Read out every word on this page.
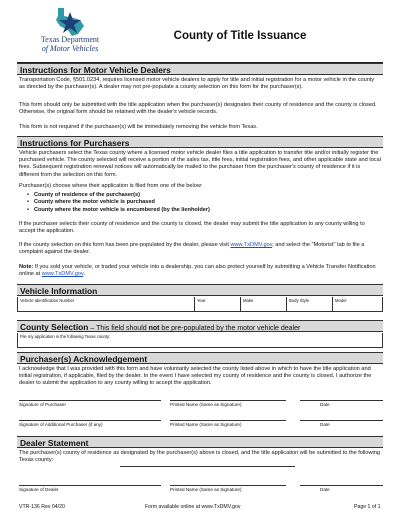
Texas Department
of Motor Vehicles
County of Title Issuance
Instructions for Motor Vehicle Dealers
Transportation Code, §501.0234, requires licensed motor vehicle dealers to apply for title and initial registration for a motor vehicle in the county as directed by the purchaser(s). A dealer may not pre-populate a county selection on this form for the purchaser(s).
This form should only be submitted with the title application when the purchaser(s) designates their county of residence and the county is closed. Otherwise, the original form should be retained with the dealer's vehicle records.
This form is not required if the purchaser(s) will be immediately removing the vehicle from Texas.
Instructions for Purchasers
Vehicle purchasers select the Texas county where a licensed motor vehicle dealer files a title application to transfer title and/or initially register the purchased vehicle. The county selected will receive a portion of the sales tax, title fees, initial registration fees, and other applicable state and local fees. Subsequent registration renewal notices will automatically be mailed to the purchaser from the purchaser's county of residence if it is different from the selection on this form.
Purchaser(s) choose where their application is filed from one of the below:
• County of residence of the purchaser(s)
• County where the motor vehicle is purchased
• County where the motor vehicle is encumbered (by the lienholder)
If the purchaser selects their county of residence and the county is closed, the dealer may submit the title application to any county willing to accept the application.
If the county selection on this form has been pre-populated by the dealer, please visit www.TxDMV.gov, and select the "Motorist" tab to file a complaint against the dealer.
Note: If you sold your vehicle, or traded your vehicle into a dealership, you can also protect yourself by submitting a Vehicle Transfer Notification online at www.TxDMV.gov.
Vehicle Information
Vehicle Identification Number	Year	Make	Body Style	Model
County Selection – This field should not be pre-populated by the motor vehicle dealer
File my application in the following Texas county:
Purchaser(s) Acknowledgement
I acknowledge that I was provided with this form and have voluntarily selected the county listed above in which to have the title application and initial registration, if applicable, filed by the dealer. In the event I have selected my county of residence and the county is closed, I authorize the dealer to submit the application to any county willing to accept the application.
Signature of Purchaser	Printed Name (Same as Signature)	Date
Signature of Additional Purchaser (if any)	Printed Name (Same as Signature)	Date
Dealer Statement
The purchaser(s) county of residence as designated by the purchaser(s) above is closed, and the title application will be submitted to the following Texas county:
Signature of Dealer	Printed Name (Same as Signature)	Date
VTR-136 Rev 04/20	Form available online at www.TxDMV.gov	Page 1 of 1
